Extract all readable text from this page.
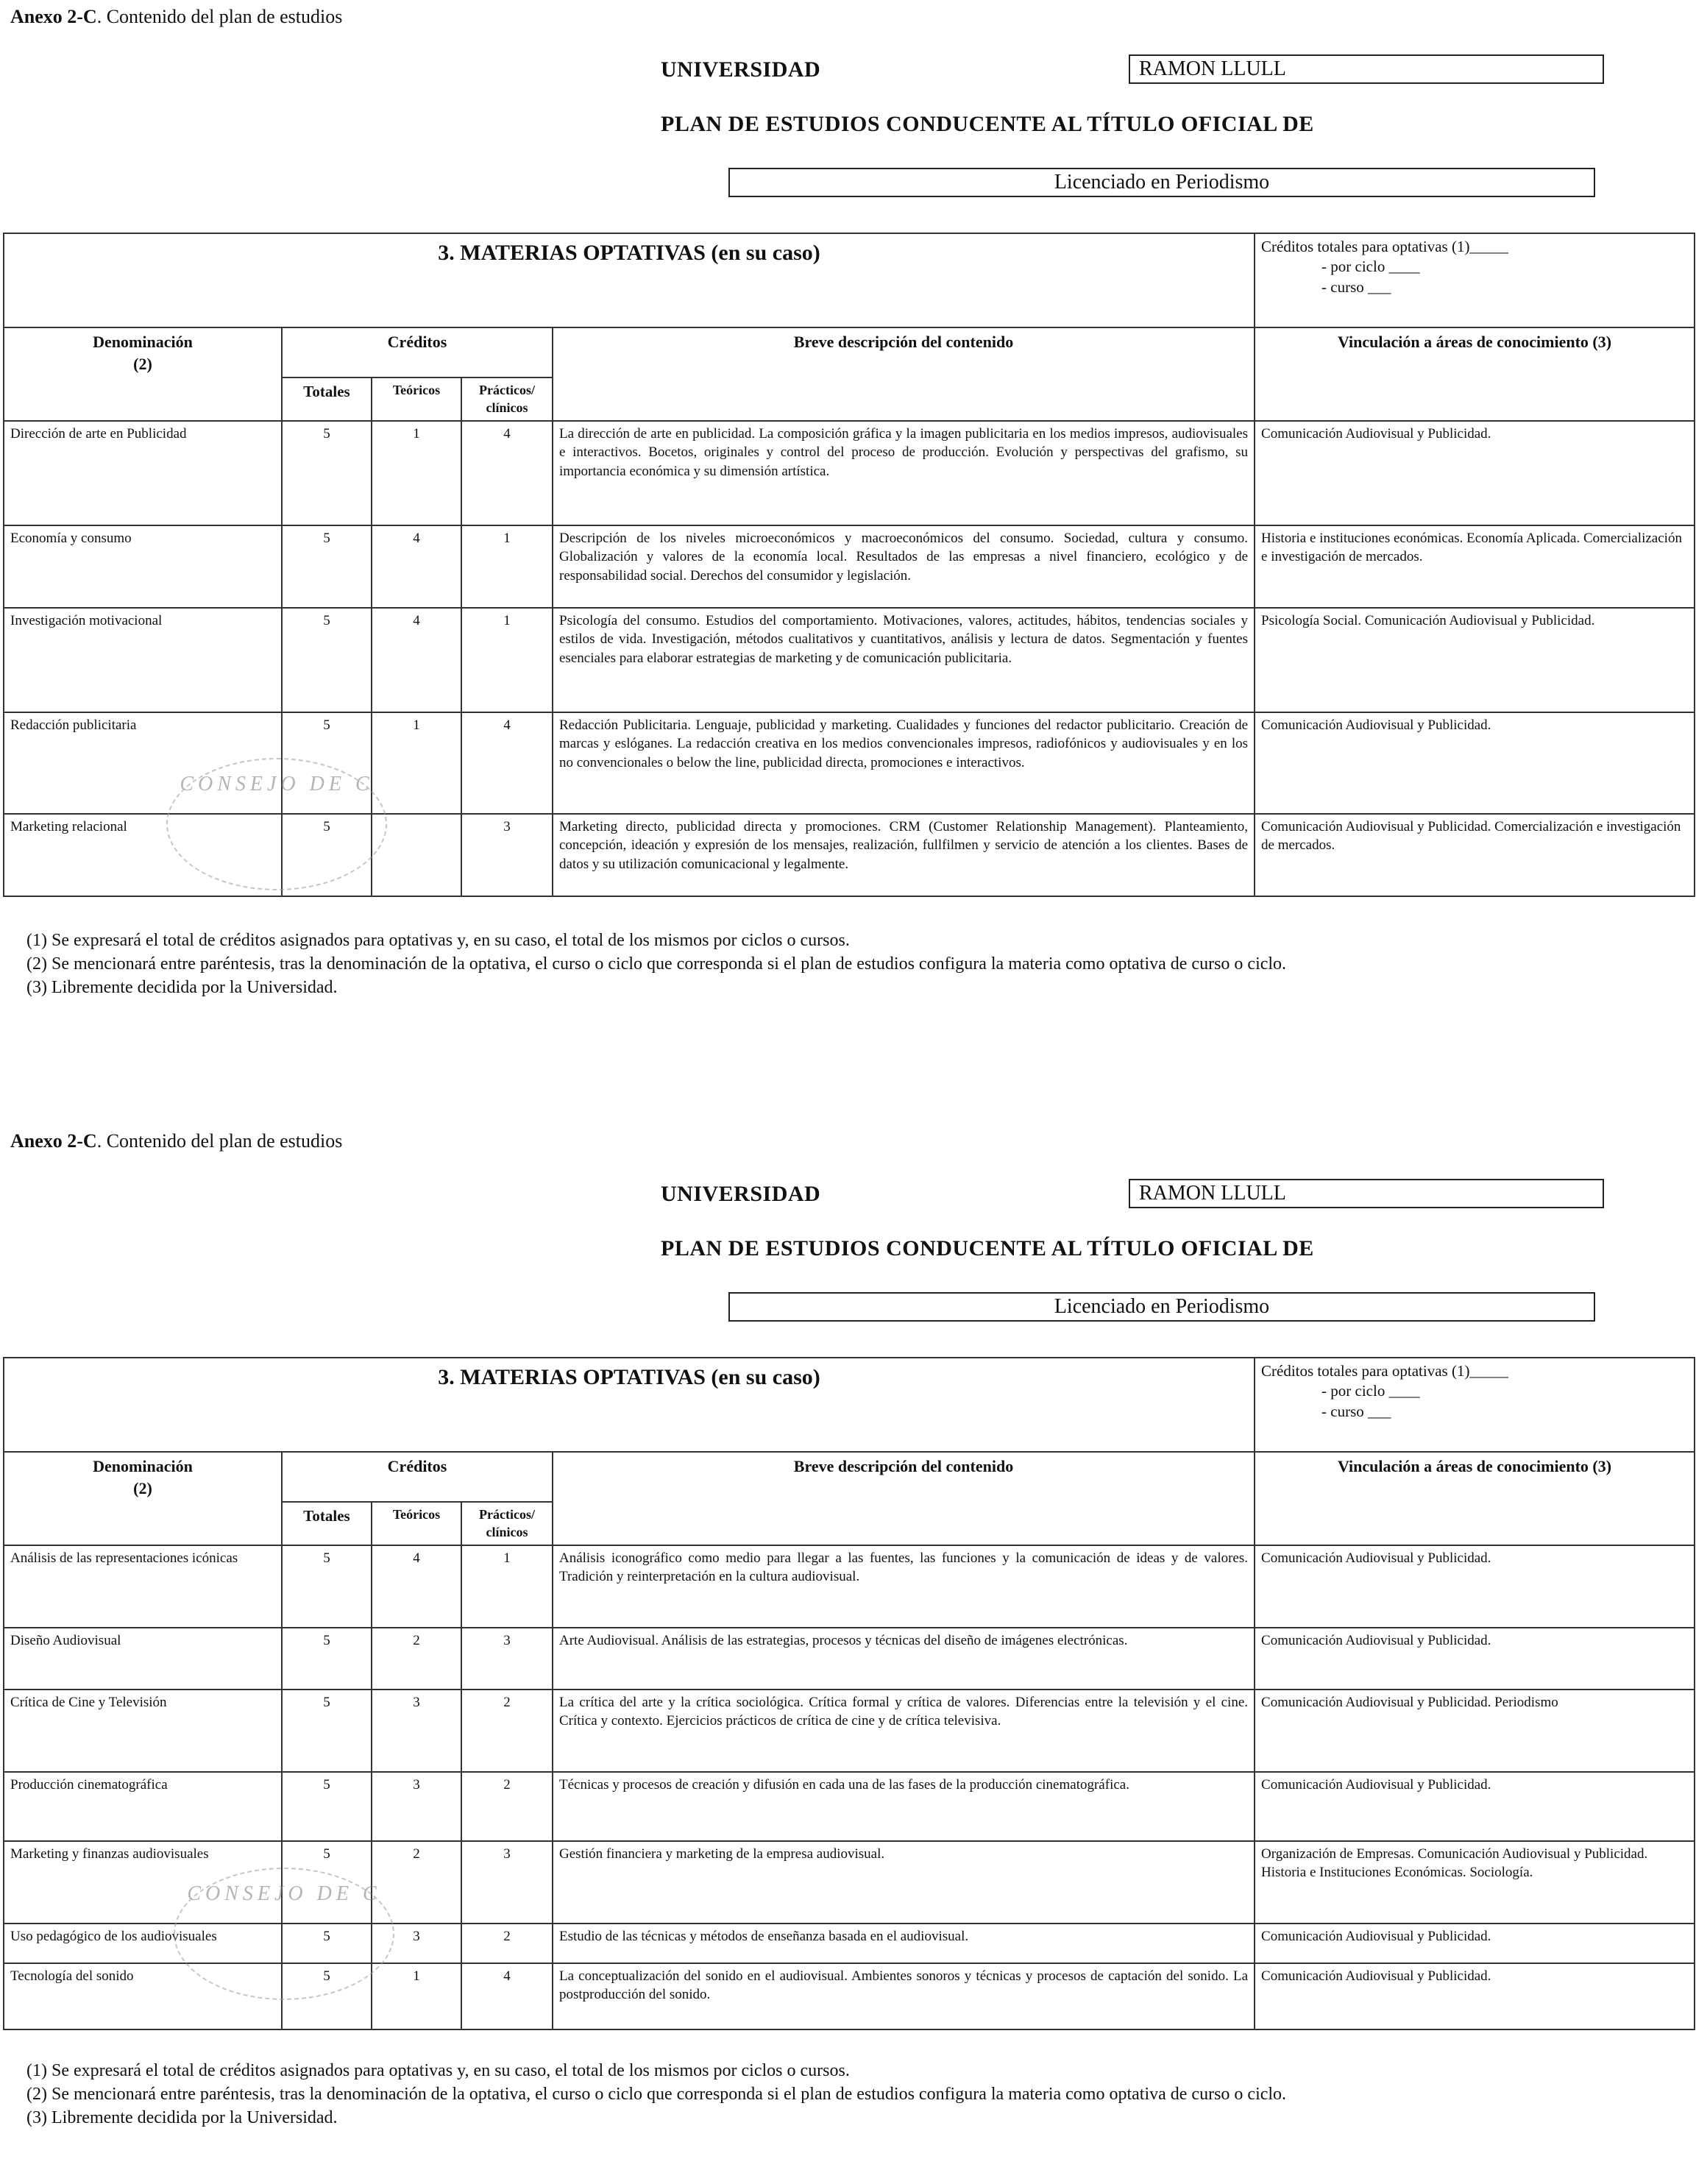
Anexo 2-C. Contenido del plan de estudios
UNIVERSIDAD	RAMON LLULL
PLAN DE ESTUDIOS CONDUCENTE AL TÍTULO OFICIAL DE
Licenciado en Periodismo
3. MATERIAS OPTATIVAS (en su caso)					Créditos totales para optativas (1)_____
- por ciclo ____
- curso ___

Denominación
(2)	Créditos			Breve descripción del contenido	Vinculación a áreas de conocimiento (3)
	Totales	Teóricos	Prácticos/ clínicos		
Dirección de arte en Publicidad	5	1	4	La dirección de arte en publicidad. La composición gráfica y la imagen publicitaria en los medios impresos, audiovisuales e interactivos. Bocetos, originales y control del proceso de producción. Evolución y perspectivas del grafismo, su importancia económica y su dimensión artística.	Comunicación Audiovisual y Publicidad.
Economía y consumo	5	4	1	Descripción de los niveles microeconómicos y macroeconómicos del consumo. Sociedad, cultura y consumo. Globalización y valores de la economía local. Resultados de las empresas a nivel financiero, ecológico y de responsabilidad social. Derechos del consumidor y legislación.	Historia e instituciones económicas. Economía Aplicada. Comercialización e investigación de mercados.
Investigación motivacional	5	4	1	Psicología del consumo. Estudios del comportamiento. Motivaciones, valores, actitudes, hábitos, tendencias sociales y estilos de vida. Investigación, métodos cualitativos y cuantitativos, análisis y lectura de datos. Segmentación y fuentes esenciales para elaborar estrategias de marketing y de comunicación publicitaria.	Psicología Social. Comunicación Audiovisual y Publicidad.
Redacción publicitaria	5	1	4	Redacción Publicitaria. Lenguaje, publicidad y marketing. Cualidades y funciones del redactor publicitario. Creación de marcas y eslóganes. La redacción creativa en los medios convencionales impresos, radiofónicos y audiovisuales y en los no convencionales o below the line, publicidad directa, promociones e interactivos.	Comunicación Audiovisual y Publicidad.
Marketing relacional	5		3	Marketing directo, publicidad directa y promociones. CRM (Customer Relationship Management). Planteamiento, concepción, ideación y expresión de los mensajes, realización, fullfilmen y servicio de atención a los clientes. Bases de datos y su utilización comunicacional y legalmente.	Comunicación Audiovisual y Publicidad. Comercialización e investigación de mercados.
CONSEJO DE C
(1) Se expresará el total de créditos asignados para optativas y, en su caso, el total de los mismos por ciclos o cursos.
(2) Se mencionará entre paréntesis, tras la denominación de la optativa, el curso o ciclo que corresponda si el plan de estudios configura la materia como optativa de curso o ciclo.
(3) Libremente decidida por la Universidad.
Anexo 2-C. Contenido del plan de estudios
UNIVERSIDAD	RAMON LLULL
PLAN DE ESTUDIOS CONDUCENTE AL TÍTULO OFICIAL DE
Licenciado en Periodismo
3. MATERIAS OPTATIVAS (en su caso)					Créditos totales para optativas (1)_____
- por ciclo ____
- curso ___

Denominación
(2)	Créditos			Breve descripción del contenido	Vinculación a áreas de conocimiento (3)
	Totales	Teóricos	Prácticos/ clínicos		
Análisis de las representaciones icónicas	5	4	1	Análisis iconográfico como medio para llegar a las fuentes, las funciones y la comunicación de ideas y de valores. Tradición y reinterpretación en la cultura audiovisual.	Comunicación Audiovisual y Publicidad.
Diseño Audiovisual	5	2	3	Arte Audiovisual. Análisis de las estrategias, procesos y técnicas del diseño de imágenes electrónicas.	Comunicación Audiovisual y Publicidad.
Crítica de Cine y Televisión	5	3	2	La crítica del arte y la crítica sociológica. Crítica formal y crítica de valores. Diferencias entre la televisión y el cine. Crítica y contexto. Ejercicios prácticos de crítica de cine y de crítica televisiva.	Comunicación Audiovisual y Publicidad. Periodismo
Producción cinematográfica	5	3	2	Técnicas y procesos de creación y difusión en cada una de las fases de la producción cinematográfica.	Comunicación Audiovisual y Publicidad.
Marketing y finanzas audiovisuales	5	2	3	Gestión financiera y marketing de la empresa audiovisual.	Organización de Empresas. Comunicación Audiovisual y Publicidad. Historia e Instituciones Económicas. Sociología.
Uso pedagógico de los audiovisuales	5	3	2	Estudio de las técnicas y métodos de enseñanza basada en el audiovisual.	Comunicación Audiovisual y Publicidad.
Tecnología del sonido	5	1	4	La conceptualización del sonido en el audiovisual. Ambientes sonoros y técnicas y procesos de captación del sonido. La postproducción del sonido.	Comunicación Audiovisual y Publicidad.
CONSEJO DE C
(1) Se expresará el total de créditos asignados para optativas y, en su caso, el total de los mismos por ciclos o cursos.
(2) Se mencionará entre paréntesis, tras la denominación de la optativa, el curso o ciclo que corresponda si el plan de estudios configura la materia como optativa de curso o ciclo.
(3) Libremente decidida por la Universidad.
